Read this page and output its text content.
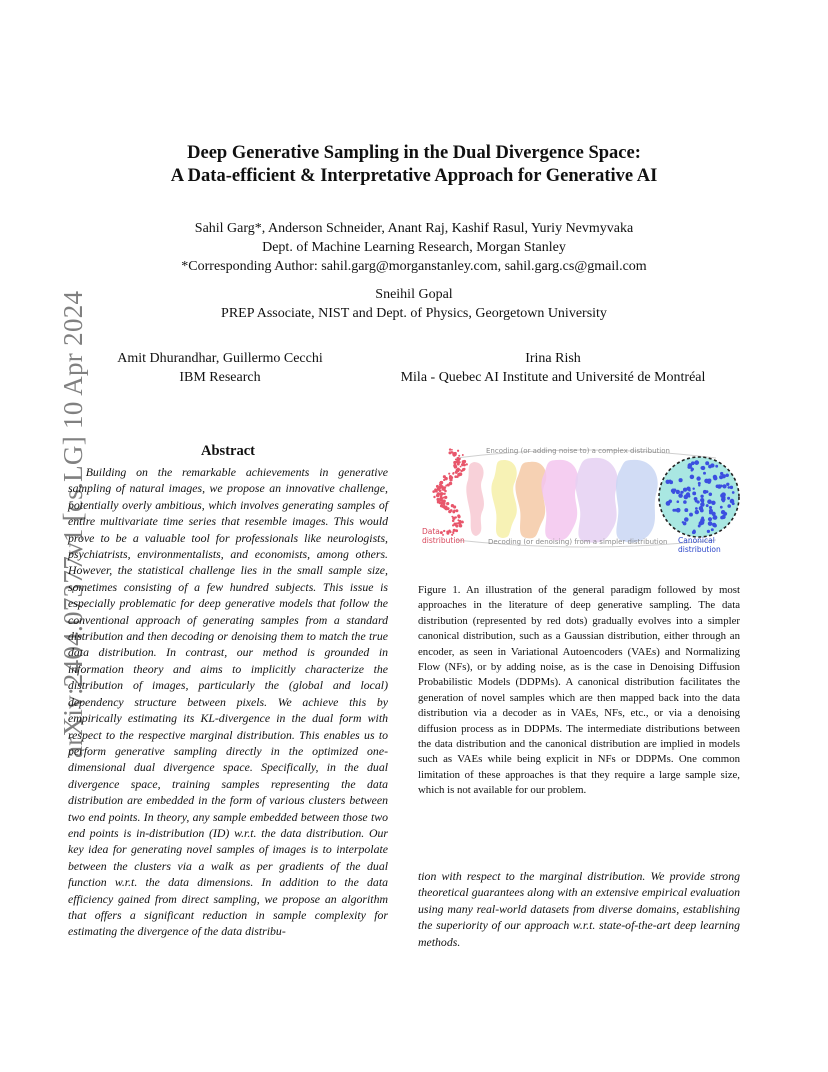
arXiv:2404.07377v1 [cs.LG] 10 Apr 2024
Deep Generative Sampling in the Dual Divergence Space:
A Data-efficient & Interpretative Approach for Generative AI
Sahil Garg*, Anderson Schneider, Anant Raj, Kashif Rasul, Yuriy Nevmyvaka
Dept. of Machine Learning Research, Morgan Stanley
*Corresponding Author: sahil.garg@morganstanley.com, sahil.garg.cs@gmail.com
Sneihil Gopal
PREP Associate, NIST and Dept. of Physics, Georgetown University
Amit Dhurandhar, Guillermo Cecchi
IBM Research
Irina Rish
Mila - Quebec AI Institute and Université de Montréal
Abstract
Building on the remarkable achievements in generative sampling of natural images, we propose an innovative challenge, potentially overly ambitious, which involves generating samples of entire multivariate time series that resemble images. This would prove to be a valuable tool for professionals like neurologists, psychiatrists, environmentalists, and economists, among others. However, the statistical challenge lies in the small sample size, sometimes consisting of a few hundred subjects. This issue is especially problematic for deep generative models that follow the conventional approach of generating samples from a standard distribution and then decoding or denoising them to match the true data distribution. In contrast, our method is grounded in information theory and aims to implicitly characterize the distribution of images, particularly the (global and local) dependency structure between pixels. We achieve this by empirically estimating its KL-divergence in the dual form with respect to the respective marginal distribution. This enables us to perform generative sampling directly in the optimized one-dimensional dual divergence space. Specifically, in the dual divergence space, training samples representing the data distribution are embedded in the form of various clusters between two end points. In theory, any sample embedded between those two end points is in-distribution (ID) w.r.t. the data distribution. Our key idea for generating novel samples of images is to interpolate between the clusters via a walk as per gradients of the dual function w.r.t. the data dimensions. In addition to the data efficiency gained from direct sampling, we propose an algorithm that offers a significant reduction in sample complexity for estimating the divergence of the data distribu-
tion with respect to the marginal distribution. We provide strong theoretical guarantees along with an extensive empirical evaluation using many real-world datasets from diverse domains, establishing the superiority of our approach w.r.t. state-of-the-art deep learning methods.
Encoding (or adding noise to) a complex distribution
Decoding (or denoising) from a simpler distribution
Data
distribution	Canonical
distribution
Figure 1. An illustration of the general paradigm followed by most approaches in the literature of deep generative sampling. The data distribution (represented by red dots) gradually evolves into a simpler canonical distribution, such as a Gaussian distribution, either through an encoder, as seen in Variational Autoencoders (VAEs) and Normalizing Flow (NFs), or by adding noise, as is the case in Denoising Diffusion Probabilistic Models (DDPMs). A canonical distribution facilitates the generation of novel samples which are then mapped back into the data distribution via a decoder as in VAEs, NFs, etc., or via a denoising diffusion process as in DDPMs. The intermediate distributions between the data distribution and the canonical distribution are implied in models such as VAEs while being explicit in NFs or DDPMs. One common limitation of these approaches is that they require a large sample size, which is not available for our problem.
